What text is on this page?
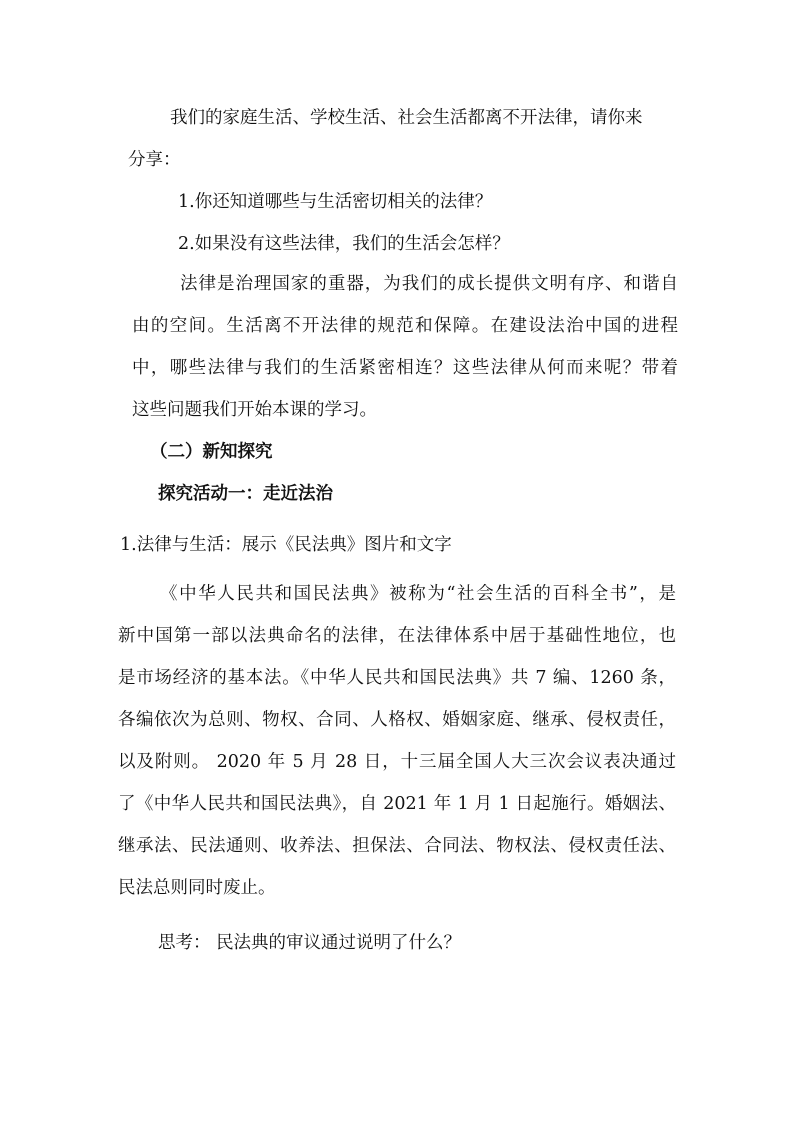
我们的家庭生活、学校生活、社会生活都离不开法律，请你来
分享：
1.你还知道哪些与生活密切相关的法律？
2.如果没有这些法律，我们的生活会怎样？
法律是治理国家的重器，为我们的成长提供文明有序、和谐自
由的空间。生活离不开法律的规范和保障。在建设法治中国的进程
中，哪些法律与我们的生活紧密相连？这些法律从何而来呢？带着
这些问题我们开始本课的学习。
（二）新知探究
探究活动一：走近法治
1.法律与生活：展示《民法典》图片和文字
《中华人民共和国民法典》被称为“社会生活的百科全书”，是
新中国第一部以法典命名的法律，在法律体系中居于基础性地位，也
是市场经济的基本法。《中华人民共和国民法典》共 7 编、1260 条，
各编依次为总则、物权、合同、人格权、婚姻家庭、继承、侵权责任，
以及附则。 2020 年 5 月 28 日，十三届全国人大三次会议表决通过
了《中华人民共和国民法典》，自 2021 年 1 月 1 日起施行。婚姻法、
继承法、民法通则、收养法、担保法、合同法、物权法、侵权责任法、
民法总则同时废止。
思考： 民法典的审议通过说明了什么？
